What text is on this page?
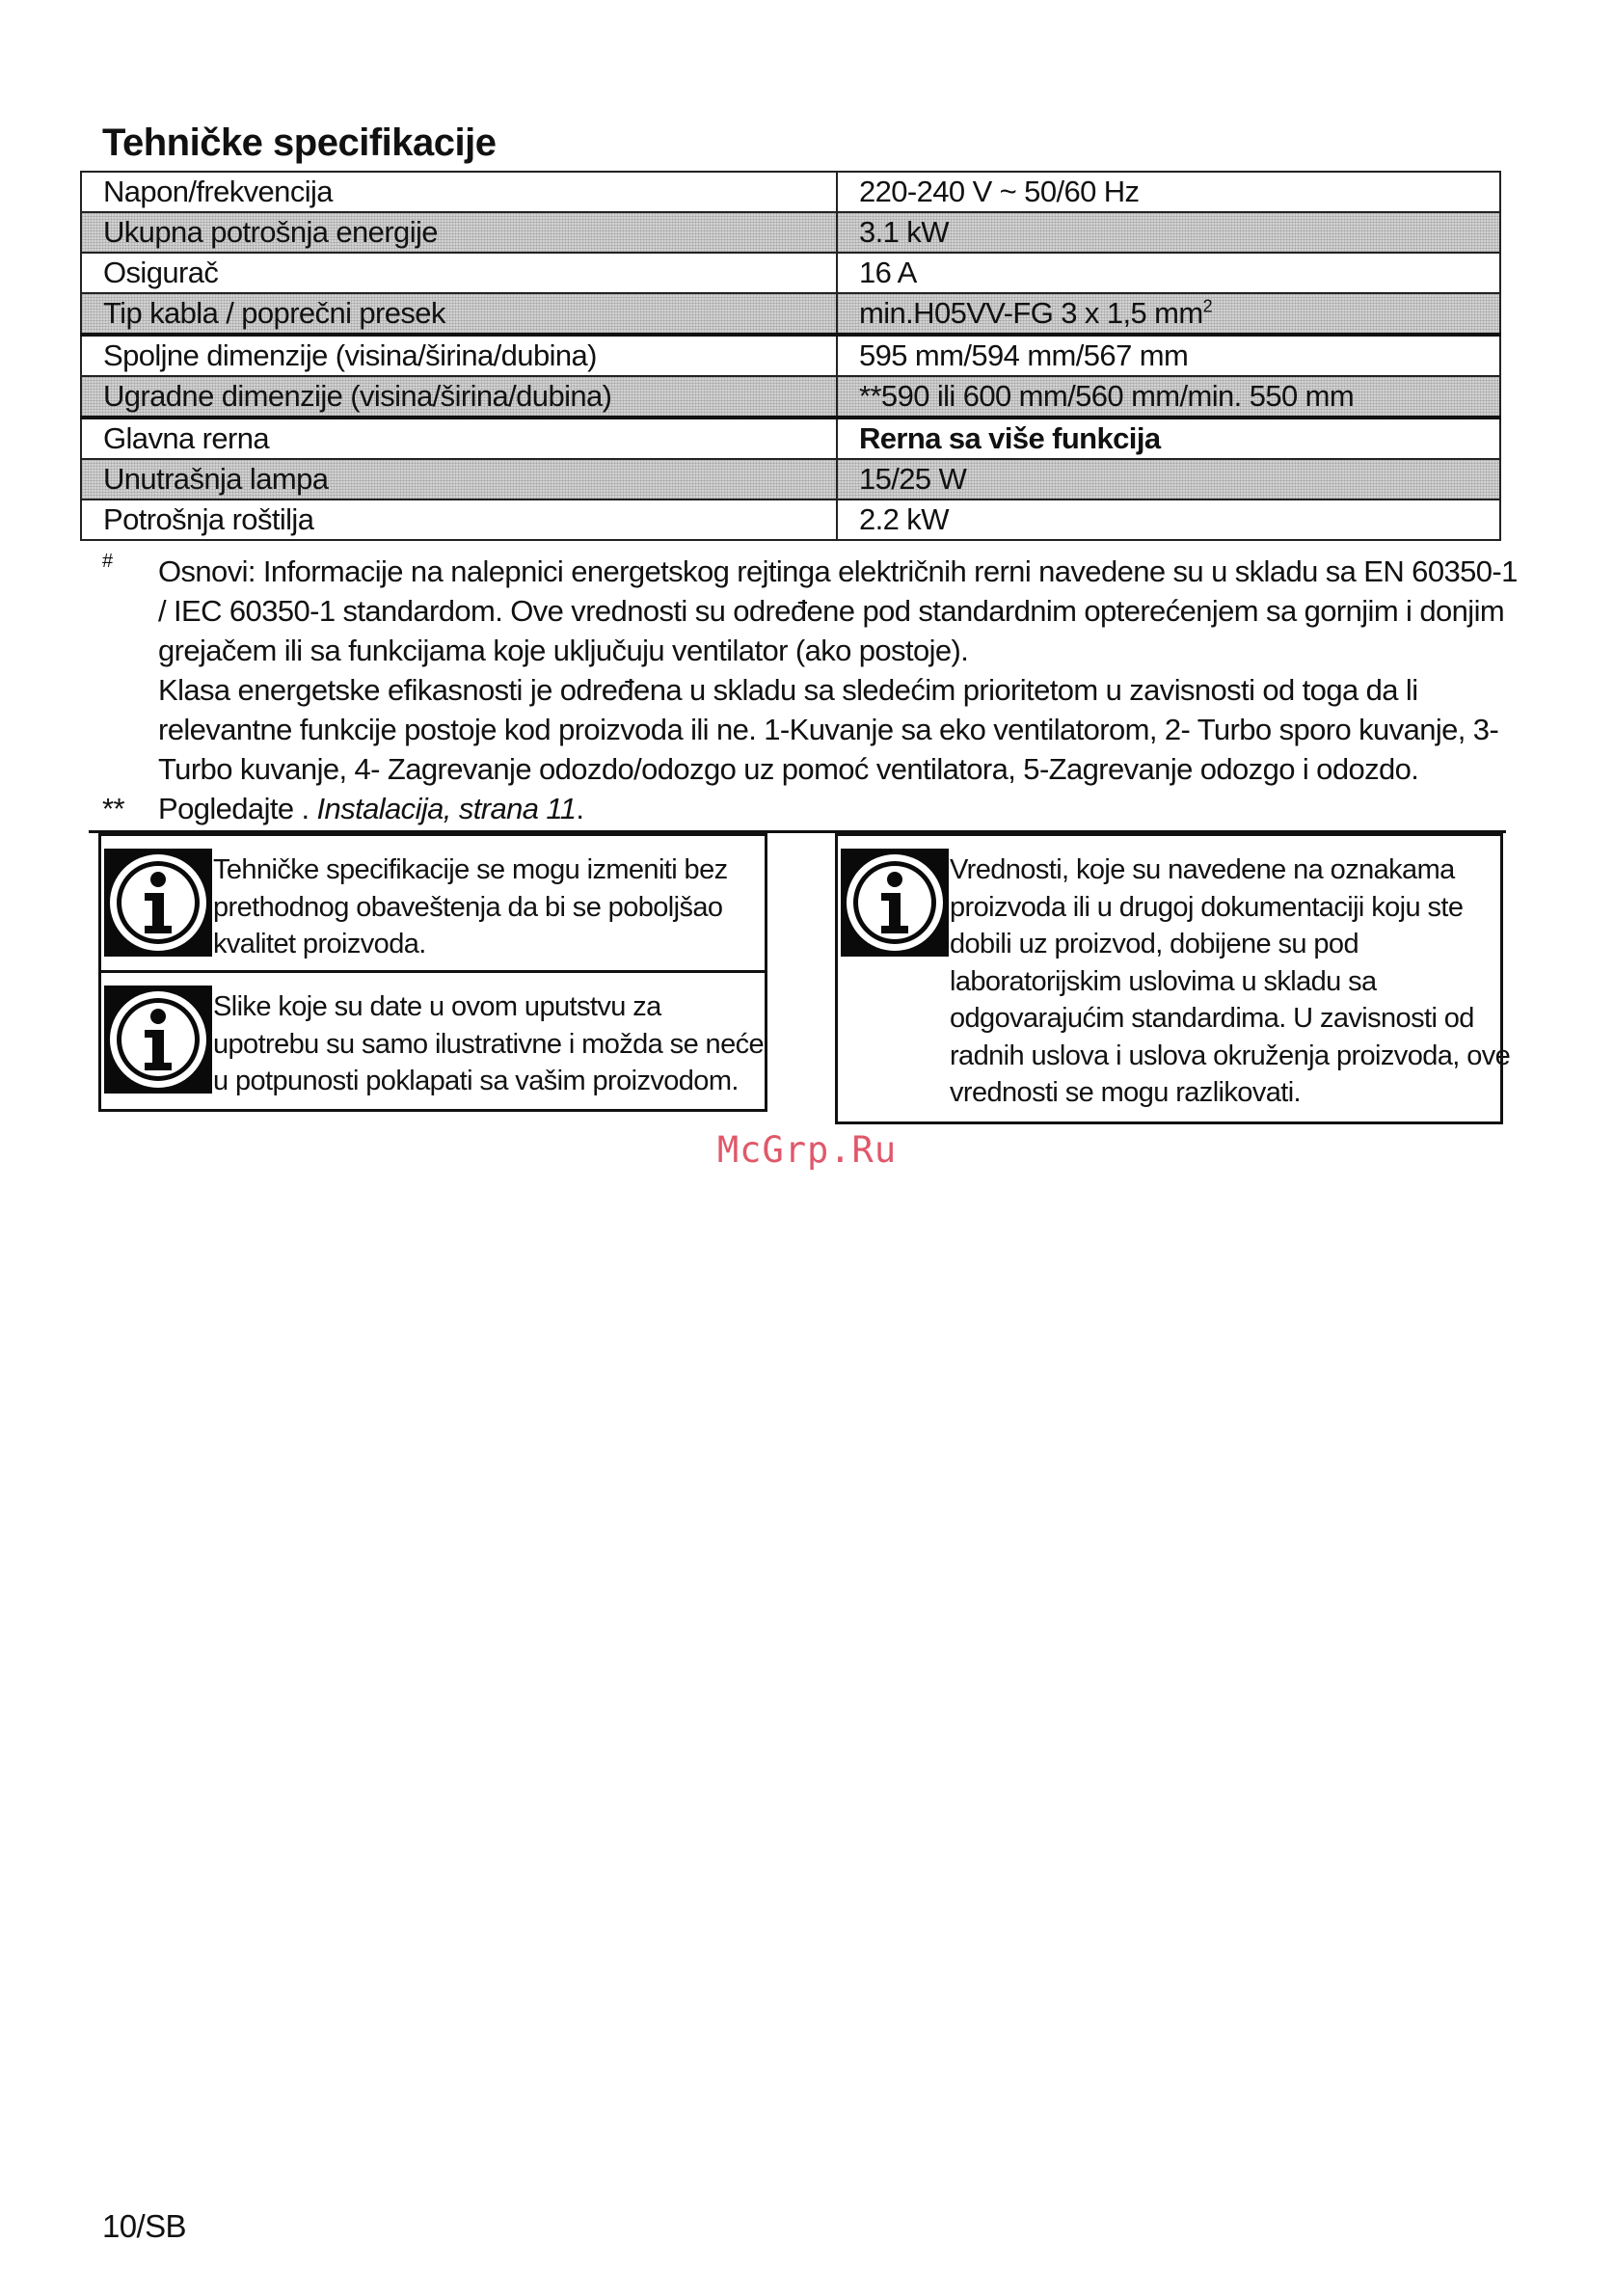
Tehničke specifikacije
Napon/frekvencija	220-240 V ~ 50/60 Hz
Ukupna potrošnja energije	3.1 kW
Osigurač	16 A
Tip kabla / poprečni presek	min.H05VV-FG 3 x 1,5 $mm^2$
Spoljne dimenzije (visina/širina/dubina)	595 mm/594 mm/567 mm
Ugradne dimenzije (visina/širina/dubina)	**590 ili 600 mm/560 mm/min. 550 mm
Glavna rerna	Rerna sa više funkcija
Unutrašnja lampa	15/25 W
Potrošnja roštilja	2.2 kW
# Osnovi: Informacije na nalepnici energetskog rejtinga električnih rerni navedene su u skladu sa EN 60350-1
/ IEC 60350-1 standardom. Ove vrednosti su određene pod standardnim opterećenjem sa gornjim i donjim
grejačem ili sa funkcijama koje uključuju ventilator (ako postoje).
Klasa energetske efikasnosti je određena u skladu sa sledećim prioritetom u zavisnosti od toga da li
relevantne funkcije postoje kod proizvoda ili ne. 1-Kuvanje sa eko ventilatorom, 2- Turbo sporo kuvanje, 3-
Turbo kuvanje, 4- Zagrevanje odozdo/odozgo uz pomoć ventilatora, 5-Zagrevanje odozgo i odozdo.
** Pogledajte . Instalacija, strana 11.
Tehničke specifikacije se mogu izmeniti bez
prethodnog obaveštenja da bi se poboljšao
kvalitet proizvoda.
Slike koje su date u ovom uputstvu za
upotrebu su samo ilustrativne i možda se neće
u potpunosti poklapati sa vašim proizvodom.
Vrednosti, koje su navedene na oznakama
proizvoda ili u drugoj dokumentaciji koju ste
dobili uz proizvod, dobijene su pod
laboratorijskim uslovima u skladu sa
odgovarajućim standardima. U zavisnosti od
radnih uslova i uslova okruženja proizvoda, ove
vrednosti se mogu razlikovati.
McGrp.Ru
10/SB
